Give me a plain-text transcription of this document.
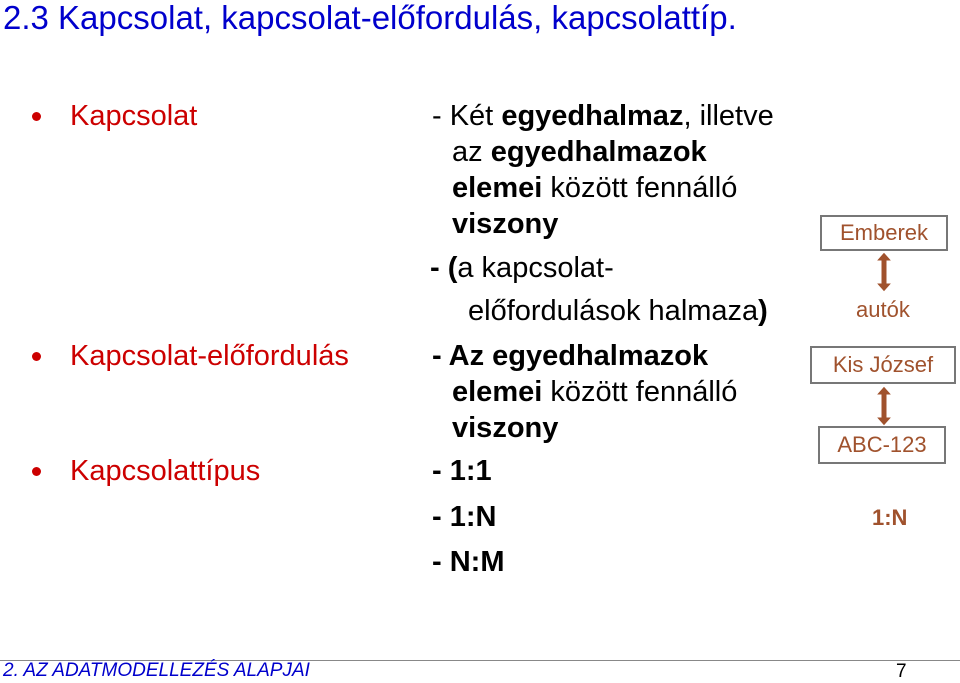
2.3 Kapcsolat, kapcsolat-előfordulás, kapcsolattíp.
Kapcsolat	- Két egyedhalmaz, illetve
az egyedhalmazok
elemei között fennálló
viszony
- (a kapcsolat-
előfordulások halmaza)
Kapcsolat-előfordulás	- Az egyedhalmazok
elemei között fennálló
viszony
Kapcsolattípus	- 1:1
- 1:N
- N:M
Emberek
autók
Kis József
ABC-123
1:N
2. AZ ADATMODELLEZÉS ALAPJAI	7
